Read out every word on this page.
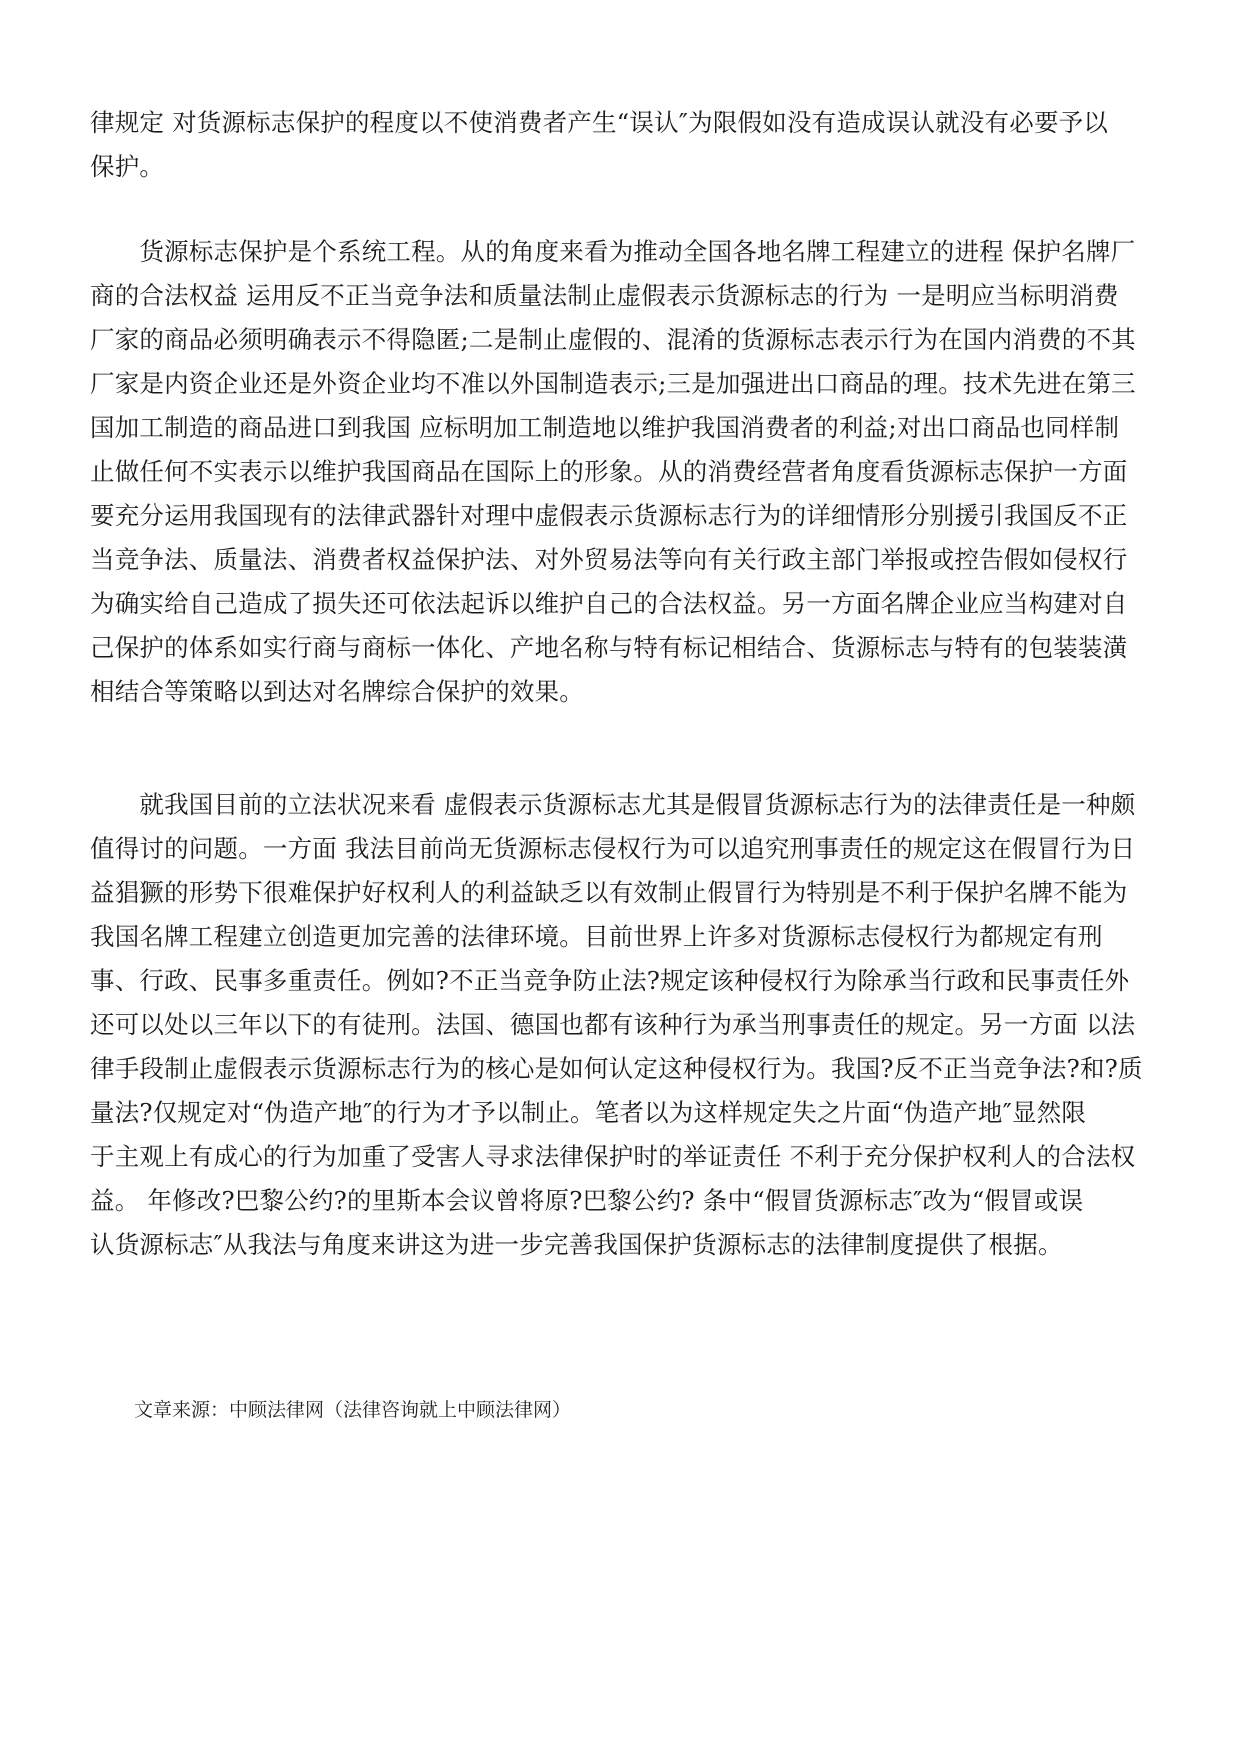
律规定 对货源标志保护的程度以不使消费者产生“误认″为限假如没有造成误认就没有必要予以
保护。
　　货源标志保护是个系统工程。从的角度来看为推动全国各地名牌工程建立的进程 保护名牌厂
商的合法权益 运用反不正当竞争法和质量法制止虚假表示货源标志的行为 一是明应当标明消费
厂家的商品必须明确表示不得隐匿;二是制止虚假的、混淆的货源标志表示行为在国内消费的不其
厂家是内资企业还是外资企业均不准以外国制造表示;三是加强进出口商品的理。技术先进在第三
国加工制造的商品进口到我国 应标明加工制造地以维护我国消费者的利益;对出口商品也同样制
止做任何不实表示以维护我国商品在国际上的形象。从的消费经营者角度看货源标志保护一方面
要充分运用我国现有的法律武器针对理中虚假表示货源标志行为的详细情形分别援引我国反不正
当竞争法、质量法、消费者权益保护法、对外贸易法等向有关行政主部门举报或控告假如侵权行
为确实给自己造成了损失还可依法起诉以维护自己的合法权益。另一方面名牌企业应当构建对自
己保护的体系如实行商与商标一体化、产地名称与特有标记相结合、货源标志与特有的包装装潢
相结合等策略以到达对名牌综合保护的效果。
　　就我国目前的立法状况来看 虚假表示货源标志尤其是假冒货源标志行为的法律责任是一种颇
值得讨的问题。一方面 我法目前尚无货源标志侵权行为可以追究刑事责任的规定这在假冒行为日
益猖獗的形势下很难保护好权利人的利益缺乏以有效制止假冒行为特别是不利于保护名牌不能为
我国名牌工程建立创造更加完善的法律环境。目前世界上许多对货源标志侵权行为都规定有刑
事、行政、民事多重责任。例如?不正当竞争防止法?规定该种侵权行为除承当行政和民事责任外
还可以处以三年以下的有徒刑。法国、德国也都有该种行为承当刑事责任的规定。另一方面 以法
律手段制止虚假表示货源标志行为的核心是如何认定这种侵权行为。我国?反不正当竞争法?和?质
量法?仅规定对“伪造产地″的行为才予以制止。笔者以为这样规定失之片面“伪造产地″显然限
于主观上有成心的行为加重了受害人寻求法律保护时的举证责任 不利于充分保护权利人的合法权
益。 年修改?巴黎公约?的里斯本会议曾将原?巴黎公约? 条中“假冒货源标志″改为“假冒或误
认货源标志″从我法与角度来讲这为进一步完善我国保护货源标志的法律制度提供了根据。
文章来源：中顾法律网（法律咨询就上中顾法律网）
